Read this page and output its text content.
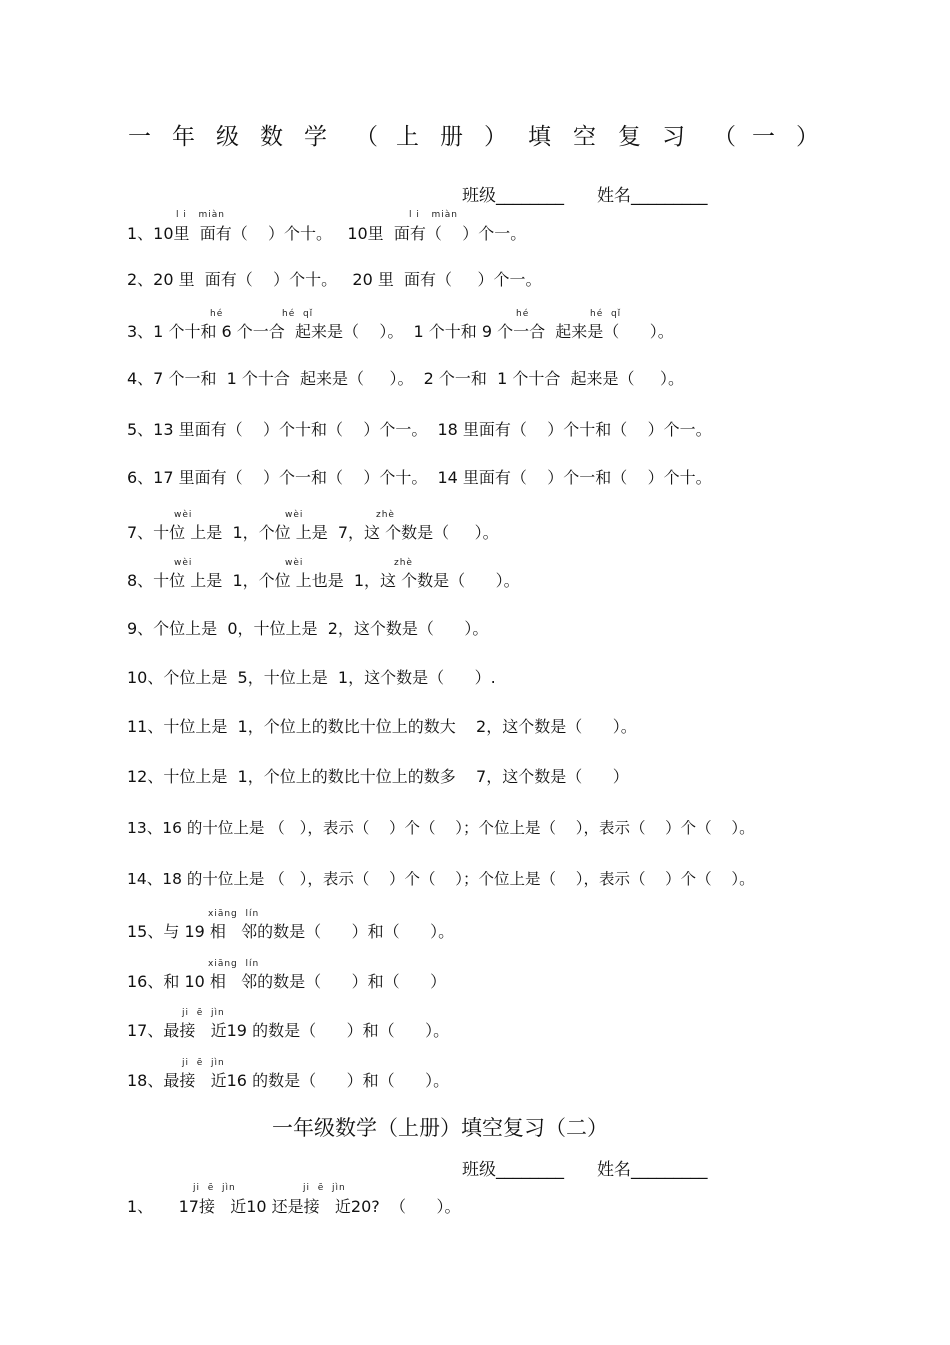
一

年

级

数

学

（

上

册

）

填

空

复

习

（

一

）

班级________ 姓名_________
1、10里  面有（    ）个十。   10里  面有（    ）个一。
l i   miàn	l i   miàn
2、20 里  面有（    ）个十。   20 里  面有（     ）个一。
3、1 个十和 6 个一合  起来是（    ）。  1 个十和 9 个一合  起来是（      ）。
hé	hé  qǐ	hé	hé  qǐ
4、7 个一和  1 个十合  起来是（     ）。  2 个一和  1 个十合  起来是（     ）。
5、13 里面有（    ）个十和（    ）个一。  18 里面有（    ）个十和（    ）个一。
6、17 里面有（    ）个一和（    ）个十。  14 里面有（    ）个一和（    ）个十。
7、十位 上是  1，个位 上是  7，这 个数是（     ）。
wèi	wèi	zhè
8、十位 上是  1，个位 上也是  1，这 个数是（      ）。
wèi	wèi	zhè
9、个位上是  0，十位上是  2，这个数是（      ）。
10、个位上是  5，十位上是  1，这个数是（      ）.
11、十位上是  1，个位上的数比十位上的数大    2，这个数是（      ）。
12、十位上是  1，个位上的数比十位上的数多    7，这个数是（      ）
13、16 的十位上是 （   ），表示（    ）个（    ）；个位上是（    ），表示（    ）个（    ）。
14、18 的十位上是 （   ），表示（    ）个（    ）；个位上是（    ），表示（    ）个（    ）。
15、与 19 相   邻的数是（      ）和（      ）。
xiāng  lín
16、和 10 相   邻的数是（      ）和（      ）
xiāng  lín
17、最接   近19 的数是（      ）和（      ）。
ji  ē  jìn
18、最接   近16 的数是（      ）和（      ）。
ji  ē  jìn
一年级数学（上册）填空复习（二）
班级________ 姓名_________
1、     17接   近10 还是接   近20?  （      ）。
ji  ē  jìn	ji  ē  jìn
